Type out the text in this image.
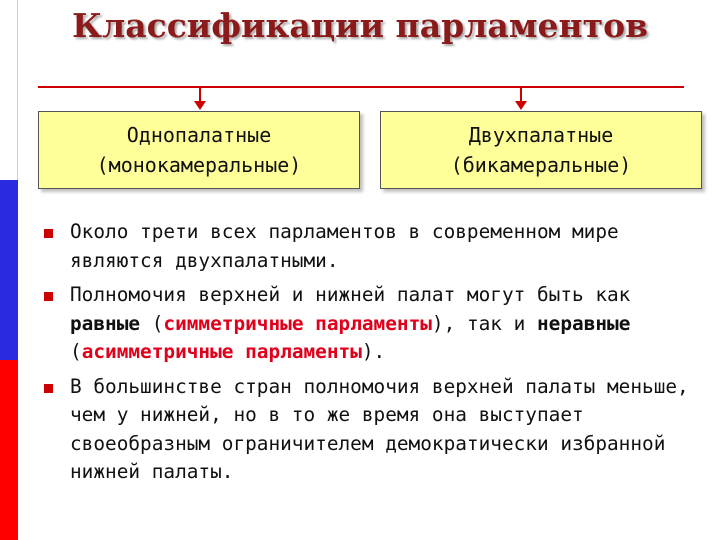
Классификации парламентов
Однопалатные
(монокамеральные)
Двухпалатные
(бикамеральные)
Около трети всех парламентов в современном мире являются двухпалатными.
Полномочия верхней и нижней палат могут быть как равные (симметричные парламенты), так и неравные (асимметричные парламенты).
В большинстве стран полномочия верхней палаты меньше, чем у нижней, но в то же время она выступает своеобразным ограничителем демократически избранной нижней палаты.
